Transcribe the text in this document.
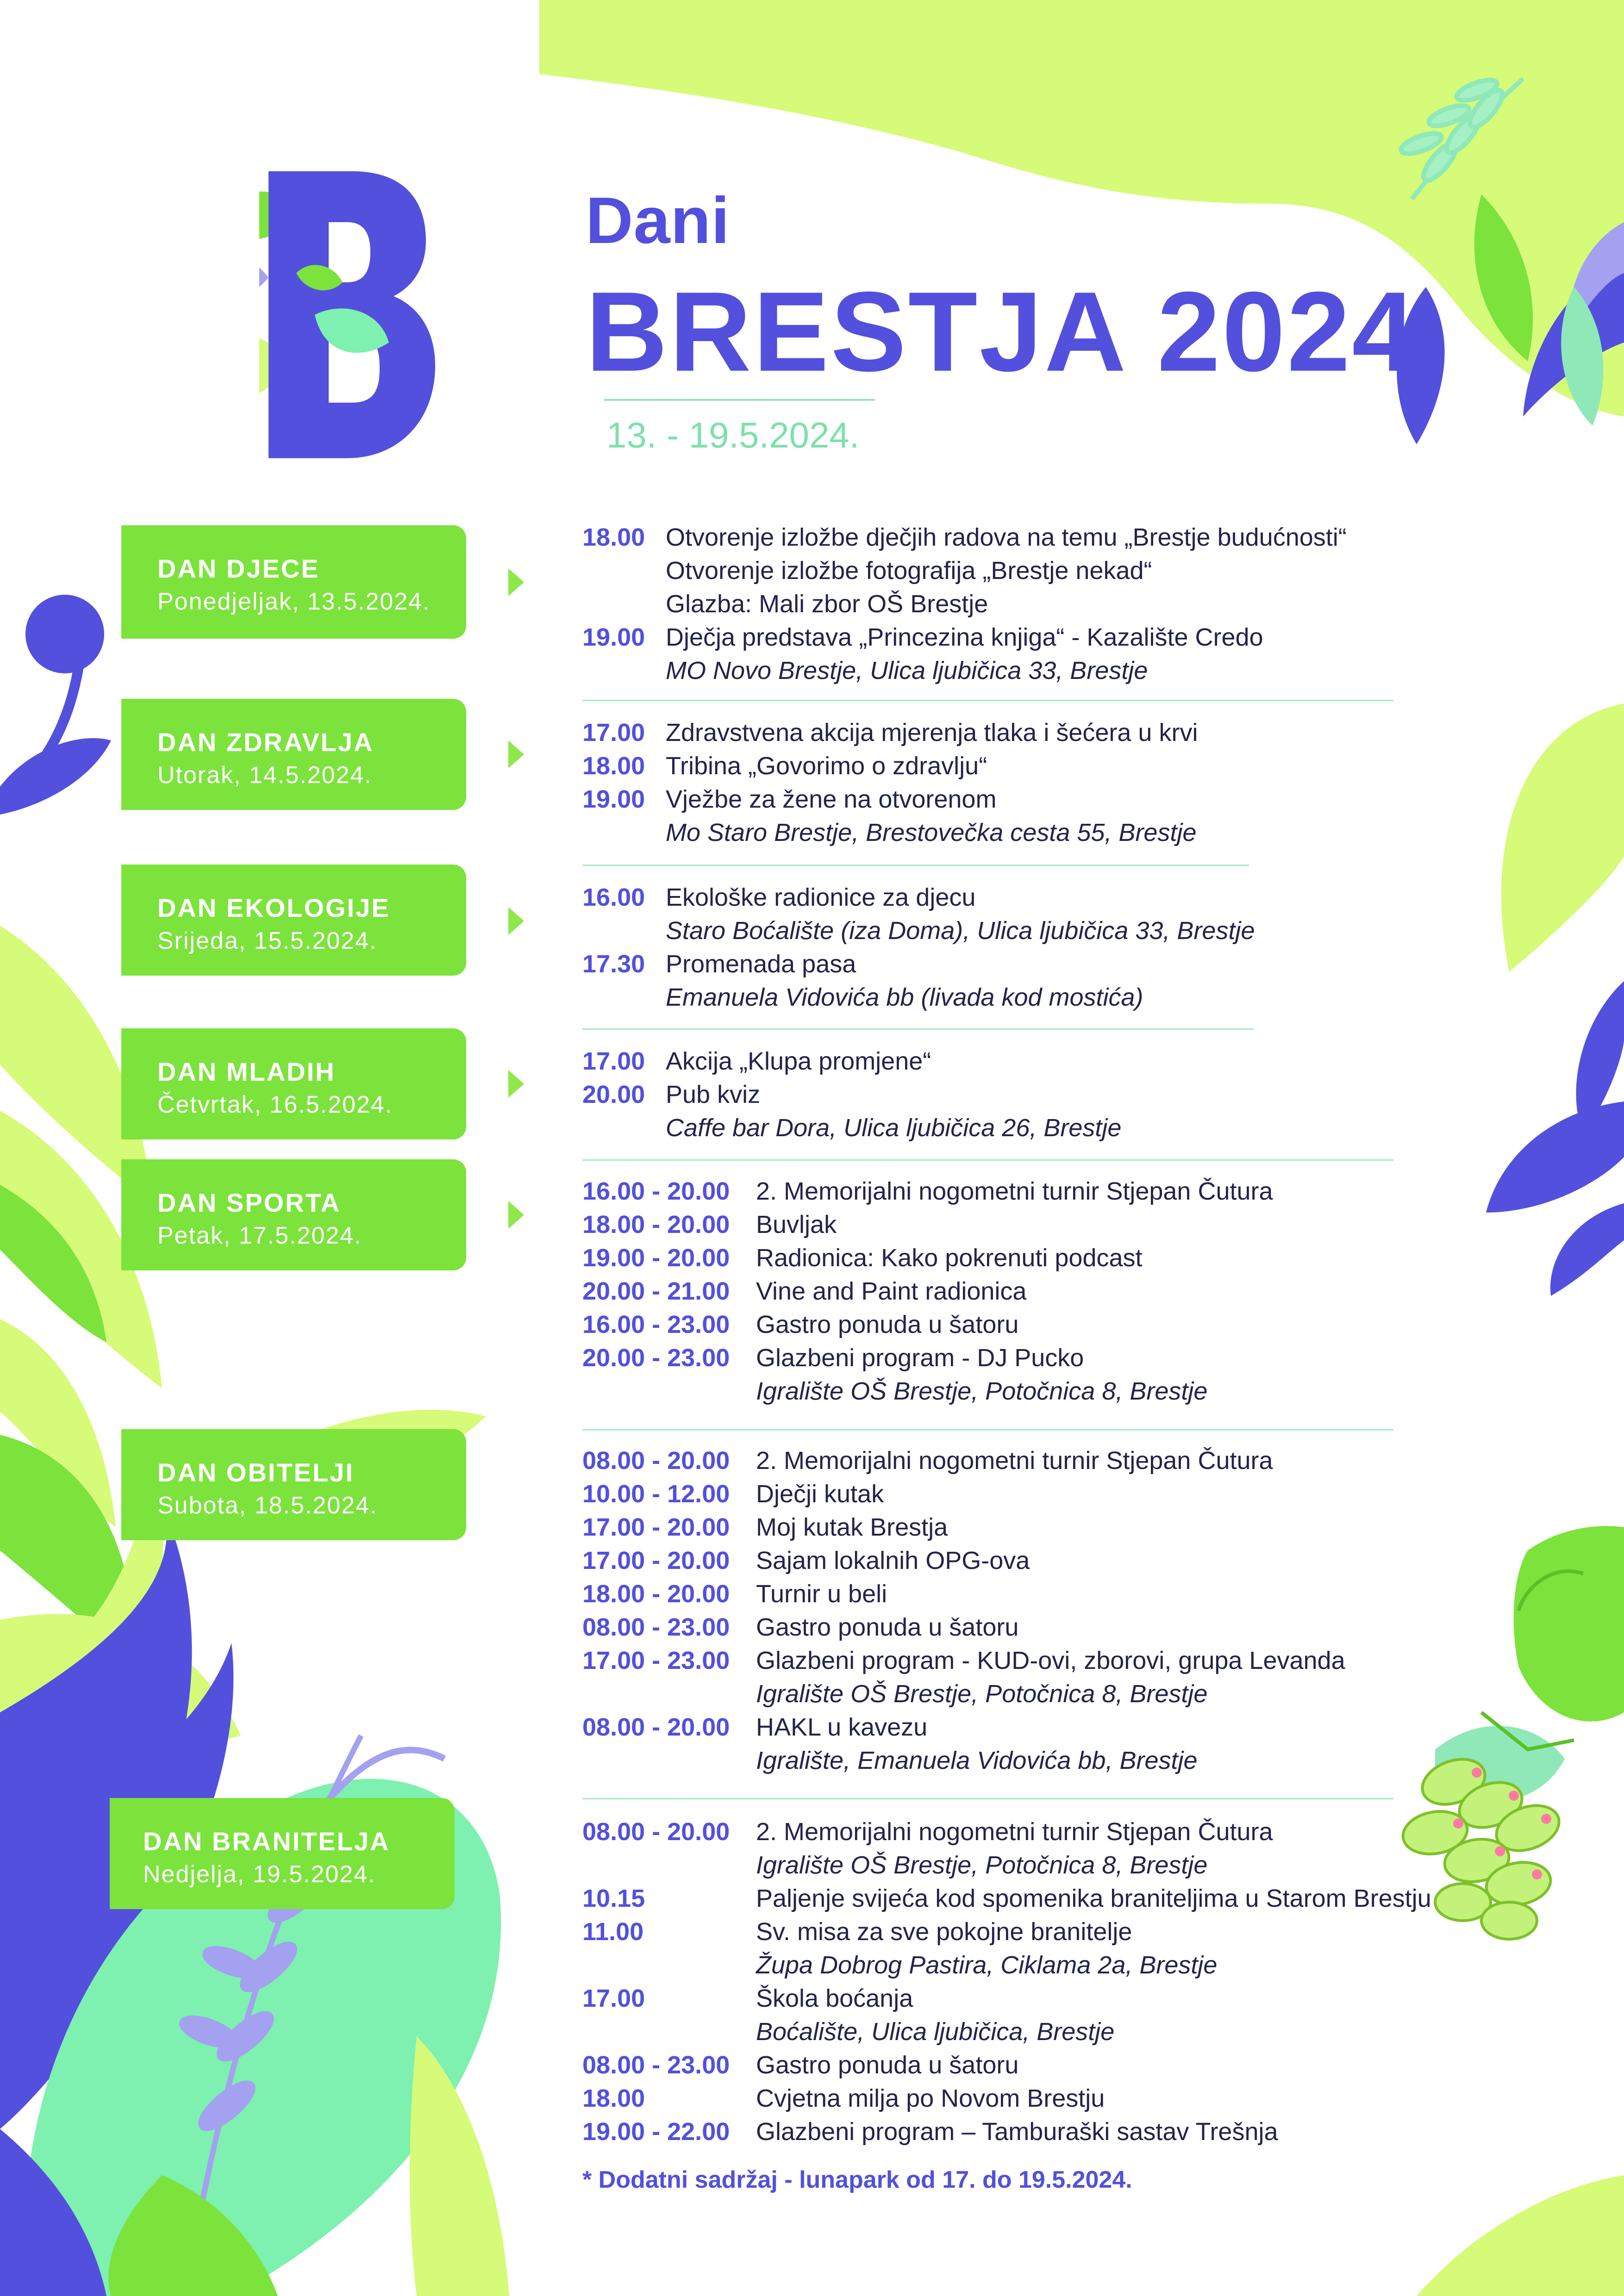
Dani
BRESTJA 2024.
13. - 19.5.2024.
DAN DJECE
Ponedjeljak, 13.5.2024.
18.00 Otvorenje izložbe dječjih radova na temu „Brestje budućnosti“
Otvorenje izložbe fotografija „Brestje nekad“
Glazba: Mali zbor OŠ Brestje
19.00 Dječja predstava „Princezina knjiga“ - Kazalište Credo
MO Novo Brestje, Ulica ljubičica 33, Brestje
DAN ZDRAVLJA
Utorak, 14.5.2024.
17.00 Zdravstvena akcija mjerenja tlaka i šećera u krvi
18.00 Tribina „Govorimo o zdravlju“
19.00 Vježbe za žene na otvorenom
Mo Staro Brestje, Brestovečka cesta 55, Brestje
DAN EKOLOGIJE
Srijeda, 15.5.2024.
16.00 Ekološke radionice za djecu
Staro Boćalište (iza Doma), Ulica ljubičica 33, Brestje
17.30 Promenada pasa
Emanuela Vidovića bb (livada kod mostića)
DAN MLADIH
Četvrtak, 16.5.2024.
17.00 Akcija „Klupa promjene“
20.00 Pub kviz
Caffe bar Dora, Ulica ljubičica 26, Brestje
DAN SPORTA
Petak, 17.5.2024.
16.00 - 20.00 2. Memorijalni nogometni turnir Stjepan Čutura
18.00 - 20.00 Buvljak
19.00 - 20.00 Radionica: Kako pokrenuti podcast
20.00 - 21.00 Vine and Paint radionica
16.00 - 23.00 Gastro ponuda u šatoru
20.00 - 23.00 Glazbeni program - DJ Pucko
Igralište OŠ Brestje, Potočnica 8, Brestje
DAN OBITELJI
Subota, 18.5.2024.
08.00 - 20.00 2. Memorijalni nogometni turnir Stjepan Čutura
10.00 - 12.00 Dječji kutak
17.00 - 20.00 Moj kutak Brestja
17.00 - 20.00 Sajam lokalnih OPG-ova
18.00 - 20.00 Turnir u beli
08.00 - 23.00 Gastro ponuda u šatoru
17.00 - 23.00 Glazbeni program - KUD-ovi, zborovi, grupa Levanda
Igralište OŠ Brestje, Potočnica 8, Brestje
08.00 - 20.00 HAKL u kavezu
Igralište, Emanuela Vidovića bb, Brestje
DAN BRANITELJA
Nedjelja, 19.5.2024.
08.00 - 20.00 2. Memorijalni nogometni turnir Stjepan Čutura
Igralište OŠ Brestje, Potočnica 8, Brestje
10.15	Paljenje svijeća kod spomenika braniteljima u Starom Brestju
11.00	Sv. misa za sve pokojne branitelje
Župa Dobrog Pastira, Ciklama 2a, Brestje
17.00	Škola boćanja
Boćalište, Ulica ljubičica, Brestje
08.00 - 23.00 Gastro ponuda u šatoru
18.00	Cvjetna milja po Novom Brestju
19.00 - 22.00 Glazbeni program – Tamburaški sastav Trešnja
* Dodatni sadržaj - lunapark od 17. do 19.5.2024.
